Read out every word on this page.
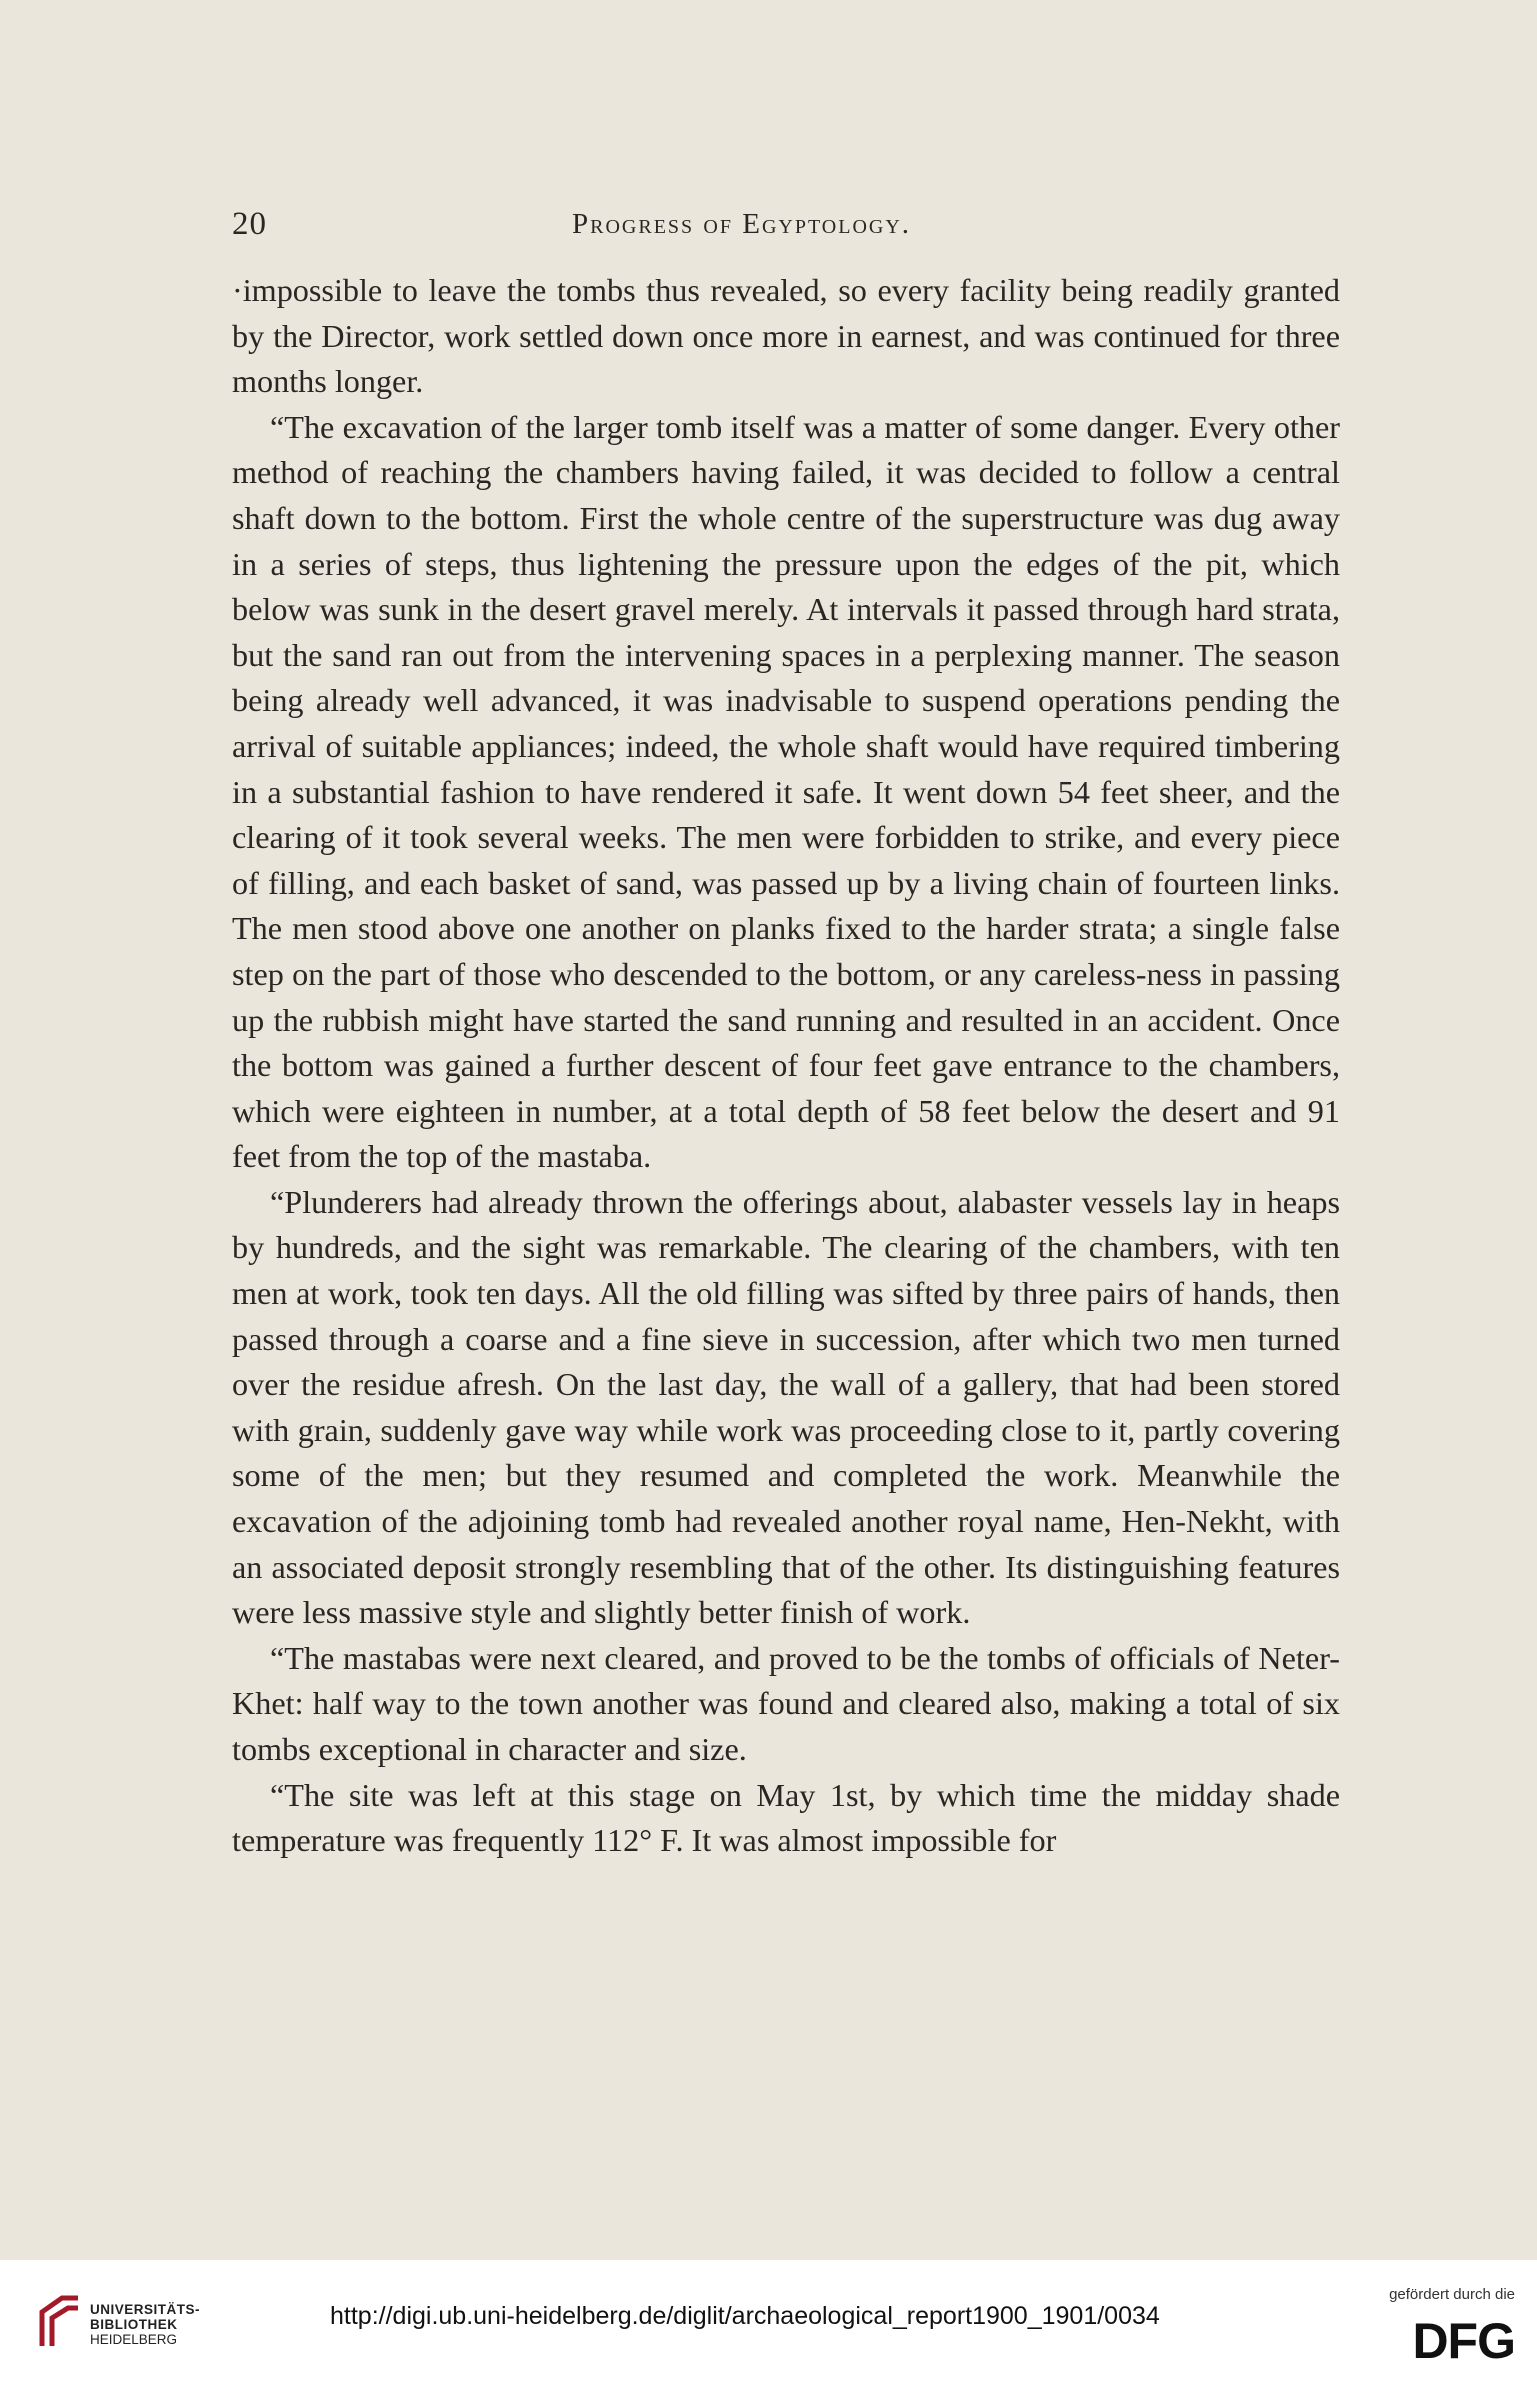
20	Progress of Egyptology.

·impossible to leave the tombs thus revealed, so every facility being readily granted by the Director, work settled down once more in earnest, and was continued for three months longer.

“The excavation of the larger tomb itself was a matter of some danger. Every other method of reaching the chambers having failed, it was decided to follow a central shaft down to the bottom. First the whole centre of the superstructure was dug away in a series of steps, thus lightening the pressure upon the edges of the pit, which below was sunk in the desert gravel merely. At intervals it passed through hard strata, but the sand ran out from the intervening spaces in a perplexing manner. The season being already well advanced, it was inadvisable to suspend operations pending the arrival of suitable appliances; indeed, the whole shaft would have required timbering in a substantial fashion to have rendered it safe. It went down 54 feet sheer, and the clearing of it took several weeks. The men were forbidden to strike, and every piece of filling, and each basket of sand, was passed up by a living chain of fourteen links. The men stood above one another on planks fixed to the harder strata; a single false step on the part of those who descended to the bottom, or any careless-ness in passing up the rubbish might have started the sand running and resulted in an accident. Once the bottom was gained a further descent of four feet gave entrance to the chambers, which were eighteen in number, at a total depth of 58 feet below the desert and 91 feet from the top of the mastaba.

“Plunderers had already thrown the offerings about, alabaster vessels lay in heaps by hundreds, and the sight was remarkable. The clearing of the chambers, with ten men at work, took ten days. All the old filling was sifted by three pairs of hands, then passed through a coarse and a fine sieve in succession, after which two men turned over the residue afresh. On the last day, the wall of a gallery, that had been stored with grain, suddenly gave way while work was proceeding close to it, partly covering some of the men; but they resumed and completed the work. Meanwhile the excavation of the adjoining tomb had revealed another royal name, Hen-Nekht, with an associated deposit strongly resembling that of the other. Its distinguishing features were less massive style and slightly better finish of work.

“The mastabas were next cleared, and proved to be the tombs of officials of Neter-Khet: half way to the town another was found and cleared also, making a total of six tombs exceptional in character and size.

“The site was left at this stage on May 1st, by which time the midday shade temperature was frequently 112° F. It was almost impossible for

UNIVERSITÄTS-
BIBLIOTHEK
HEIDELBERG
http://digi.ub.uni-heidelberg.de/diglit/archaeological_report1900_1901/0034
gefördert durch die
DFG
